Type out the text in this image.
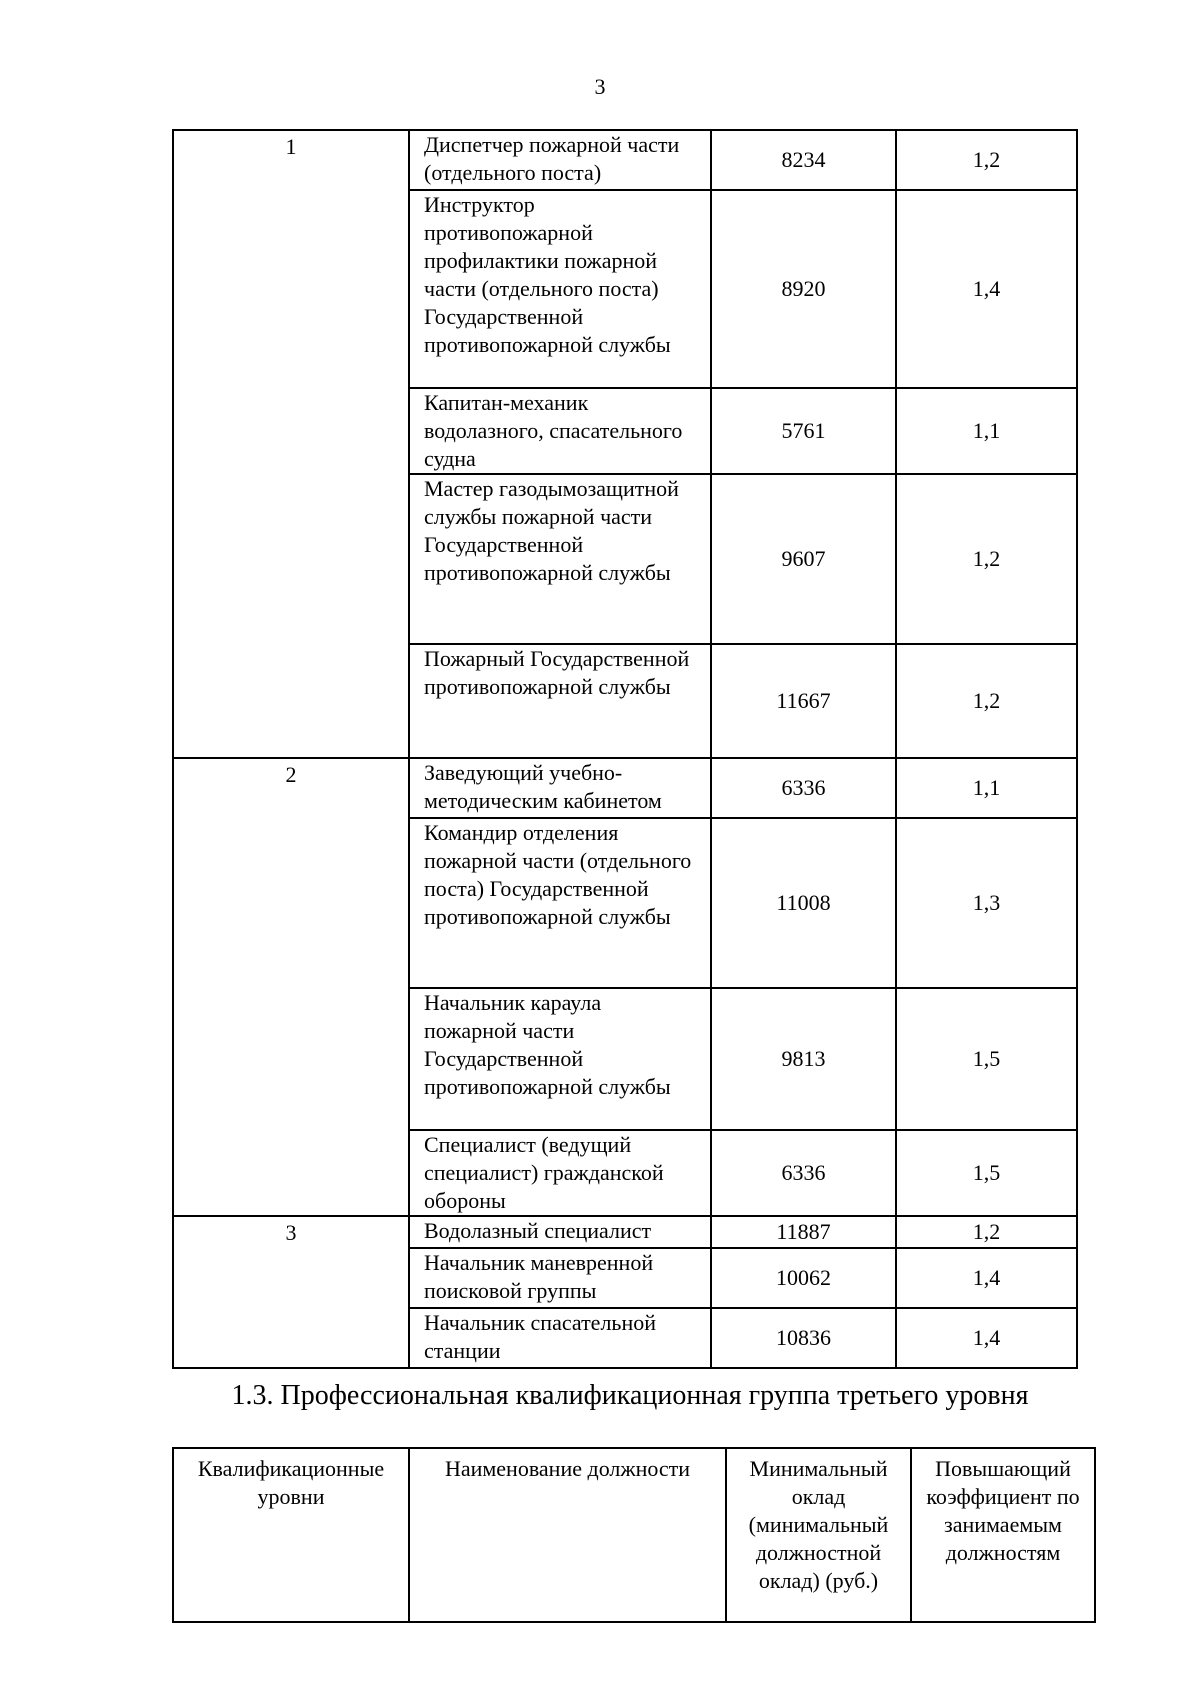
3
1	Диспетчер пожарной части (отдельного поста)	8234	1,2
	Инструктор противопожарной профилактики пожарной части (отдельного поста) Государственной противопожарной службы	8920	1,4
	Капитан-механик водолазного, спасательного судна	5761	1,1
	Мастер газодымозащитной службы пожарной части Государственной противопожарной службы	9607	1,2
	Пожарный Государственной противопожарной службы	11667	1,2
2	Заведующий учебно-методическим кабинетом	6336	1,1
	Командир отделения пожарной части (отдельного поста) Государственной противопожарной службы	11008	1,3
	Начальник караула пожарной части Государственной противопожарной службы	9813	1,5
	Специалист (ведущий специалист) гражданской обороны	6336	1,5
3	Водолазный специалист	11887	1,2
	Начальник маневренной поисковой группы	10062	1,4
	Начальник спасательной станции	10836	1,4
1.3. Профессиональная квалификационная группа третьего уровня
Квалификационные уровни	Наименование должности	Минимальный оклад (минимальный должностной оклад) (руб.)	Повышающий коэффициент по занимаемым должностям
